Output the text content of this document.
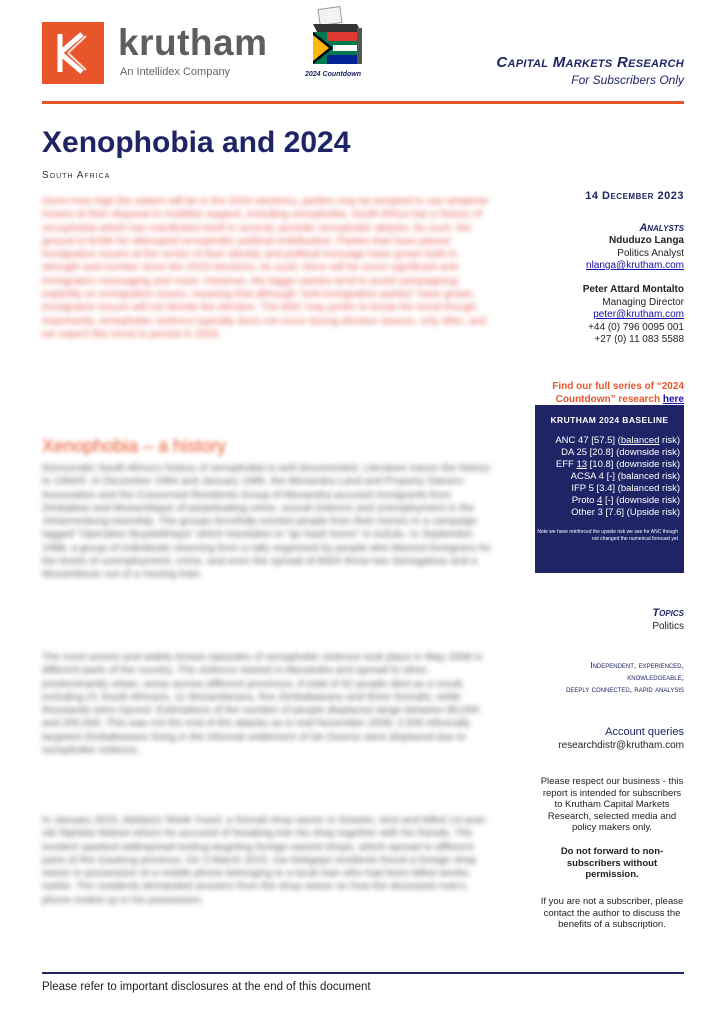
krutham
An Intellidex Company	2024 Countdown
Capital Markets Research
For Subscribers Only
Xenophobia and 2024
South Africa
Given how high the stakes will be in the 2024 elections, parties may be tempted to use whatever means at their disposal to mobilise support, including xenophobia. South Africa has a history of xenophobia which has manifested itself in several, periodic xenophobic attacks. As such, the ground is fertile for attempted xenophobic political mobilisation. Parties that have placed immigration issues at the centre of their identity and political message have grown both in strength and number since the 2019 elections. As such, there will be some significant anti-immigration messaging and noise. However, the bigger parties tend to avoid campaigning explicitly on immigration issues, meaning that although "anti-immigration parties" have grown, immigration issues will not decide the election. The ANC may prefer to break the trend though. Importantly, xenophobic violence typically does not occur during election season, only after, and we expect this trend to persist in 2024.
Xenophobia – a history
Democratic South Africa's history of xenophobia is well documented. Literature traces the history to 1994/5. In December 1994 and January 1995, the Alexandra Land and Property Owners Association and the Concerned Residents Group of Alexandra accused immigrants from Zimbabwe and Mozambique of perpetuating crime, sexual violence and unemployment in the Johannesburg township. The groups forcefully evicted people from their homes in a campaign tagged "Operation Buyelekhaya" which translates to "go back home" in isiZulu. In September 1998, a group of individuals returning from a rally organised by people who blamed foreigners for the levels of unemployment, crime, and even the spread of AIDS threw two Senegalese and a Mozambican out of a moving train.
The most severe and widely known episodes of xenophobic violence took place in May 2008 in different parts of the country. The violence started in Alexandra and spread to other, predominantly urban, areas across different provinces. A total of 62 people died as a result, including 21 South Africans, 11 Mozambicans, five Zimbabweans and three Somalis, while thousands were injured. Estimations of the number of people displaced range between 80,000 and 200,000. This was not the end of the attacks as in mid-November 2009, 2,500 ethnically targeted Zimbabweans living in the informal settlement of De Doorns were displaced due to xenophobic violence.
In January 2015, Abdiaziz Sheik Yusuf, a Somali shop owner in Soweto, shot and killed 14-year-old Siphiwe Mahori whom he accused of breaking into his shop together with his friends. The incident sparked widespread looting targeting foreign-owned shops, which spread to different parts of the Gauteng province. On 3 March 2015, Ga-Sekgopo residents found a foreign shop owner in possession of a mobile phone belonging to a local man who had been killed weeks earlier. The residents demanded answers from the shop owner on how the deceased man's phone ended up in his possession.
14 December 2023
Analysts
Nduduzo Langa
Politics Analyst
nlanga@krutham.com
Peter Attard Montalto
Managing Director
peter@krutham.com
+44 (0) 796 0095 001
+27 (0) 11 083 5588
Find our full series of “2024 Countdown” research here
KRUTHAM 2024 BASELINE
ANC 47 [57.5] (balanced risk)
DA 25 [20.8] (downside risk)
EFF 13 [10.8] (downside risk)
ACSA 4 [-] (balanced risk)
IFP 5 [3.4] (balanced risk)
Proto 4 [-] (downside risk)
Other 3 [7.6] (Upside risk)
Note we have reinforced the upside risk we see for ANC though not changed the numerical forecast yet
Topics
Politics
Independent, experienced,
knowledgeable,
deeply connected, rapid analysis
Account queries
researchdistr@krutham.com
Please respect our business - this report is intended for subscribers to Krutham Capital Markets Research, selected media and policy makers only.
Do not forward to non-subscribers without permission.
If you are not a subscriber, please contact the author to discuss the benefits of a subscription.
Please refer to important disclosures at the end of this document
